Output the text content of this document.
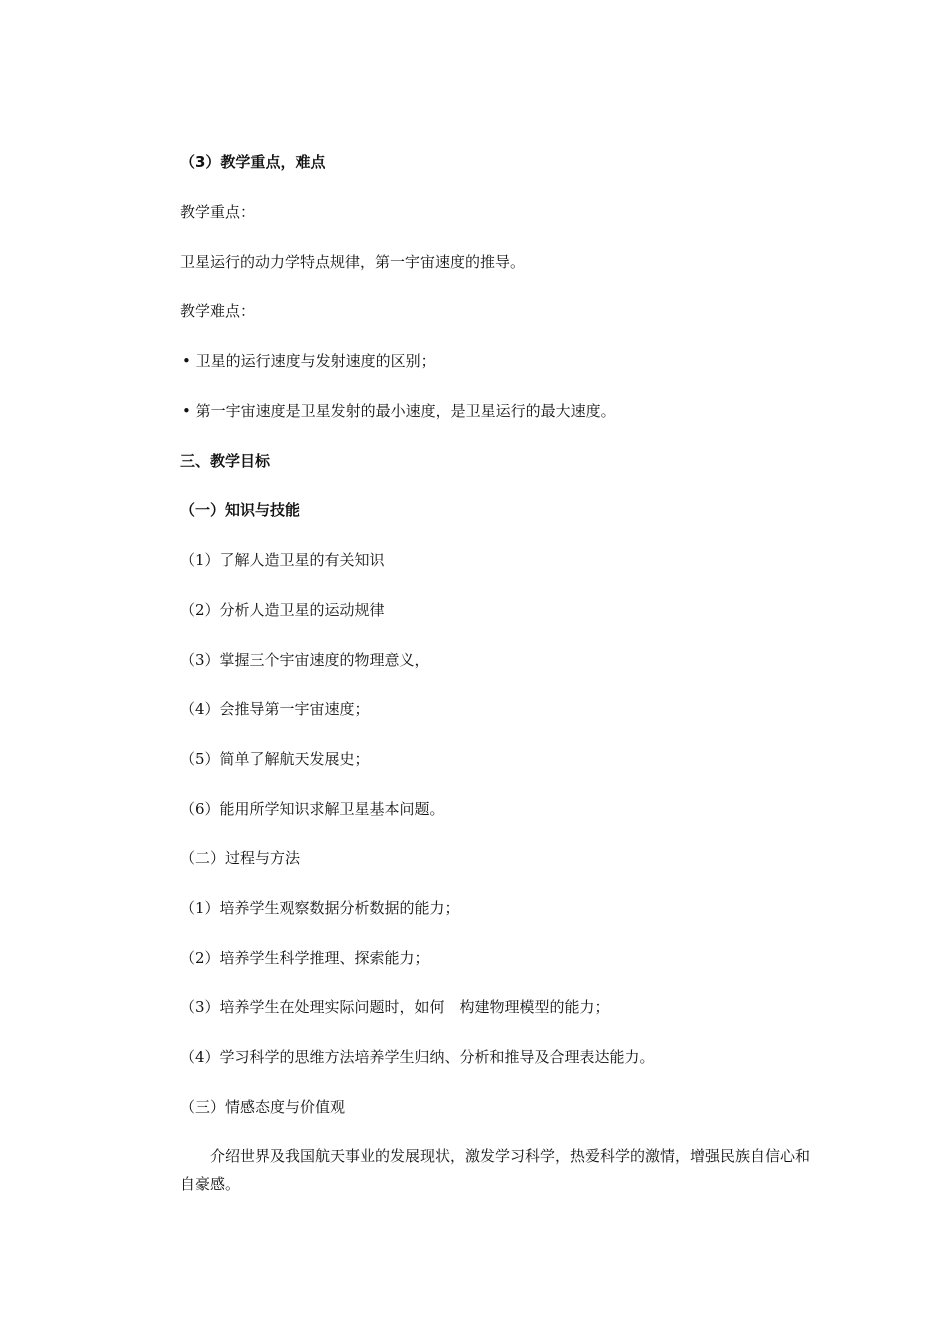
（3）教学重点，难点
教学重点：
卫星运行的动力学特点规律，第一宇宙速度的推导。
教学难点：
• 卫星的运行速度与发射速度的区别；
• 第一宇宙速度是卫星发射的最小速度，是卫星运行的最大速度。
三、教学目标
（一）知识与技能
（1）了解人造卫星的有关知识
（2）分析人造卫星的运动规律
（3）掌握三个宇宙速度的物理意义，
（4）会推导第一宇宙速度；
（5）简单了解航天发展史；
（6）能用所学知识求解卫星基本问题。
（二）过程与方法
（1）培养学生观察数据分析数据的能力；
（2）培养学生科学推理、探索能力；
（3）培养学生在处理实际问题时，如何　构建物理模型的能力；
（4）学习科学的思维方法培养学生归纳、分析和推导及合理表达能力。
（三）情感态度与价值观
　　介绍世界及我国航天事业的发展现状，激发学习科学，热爱科学的激情，增强民族自信心和自豪感。
